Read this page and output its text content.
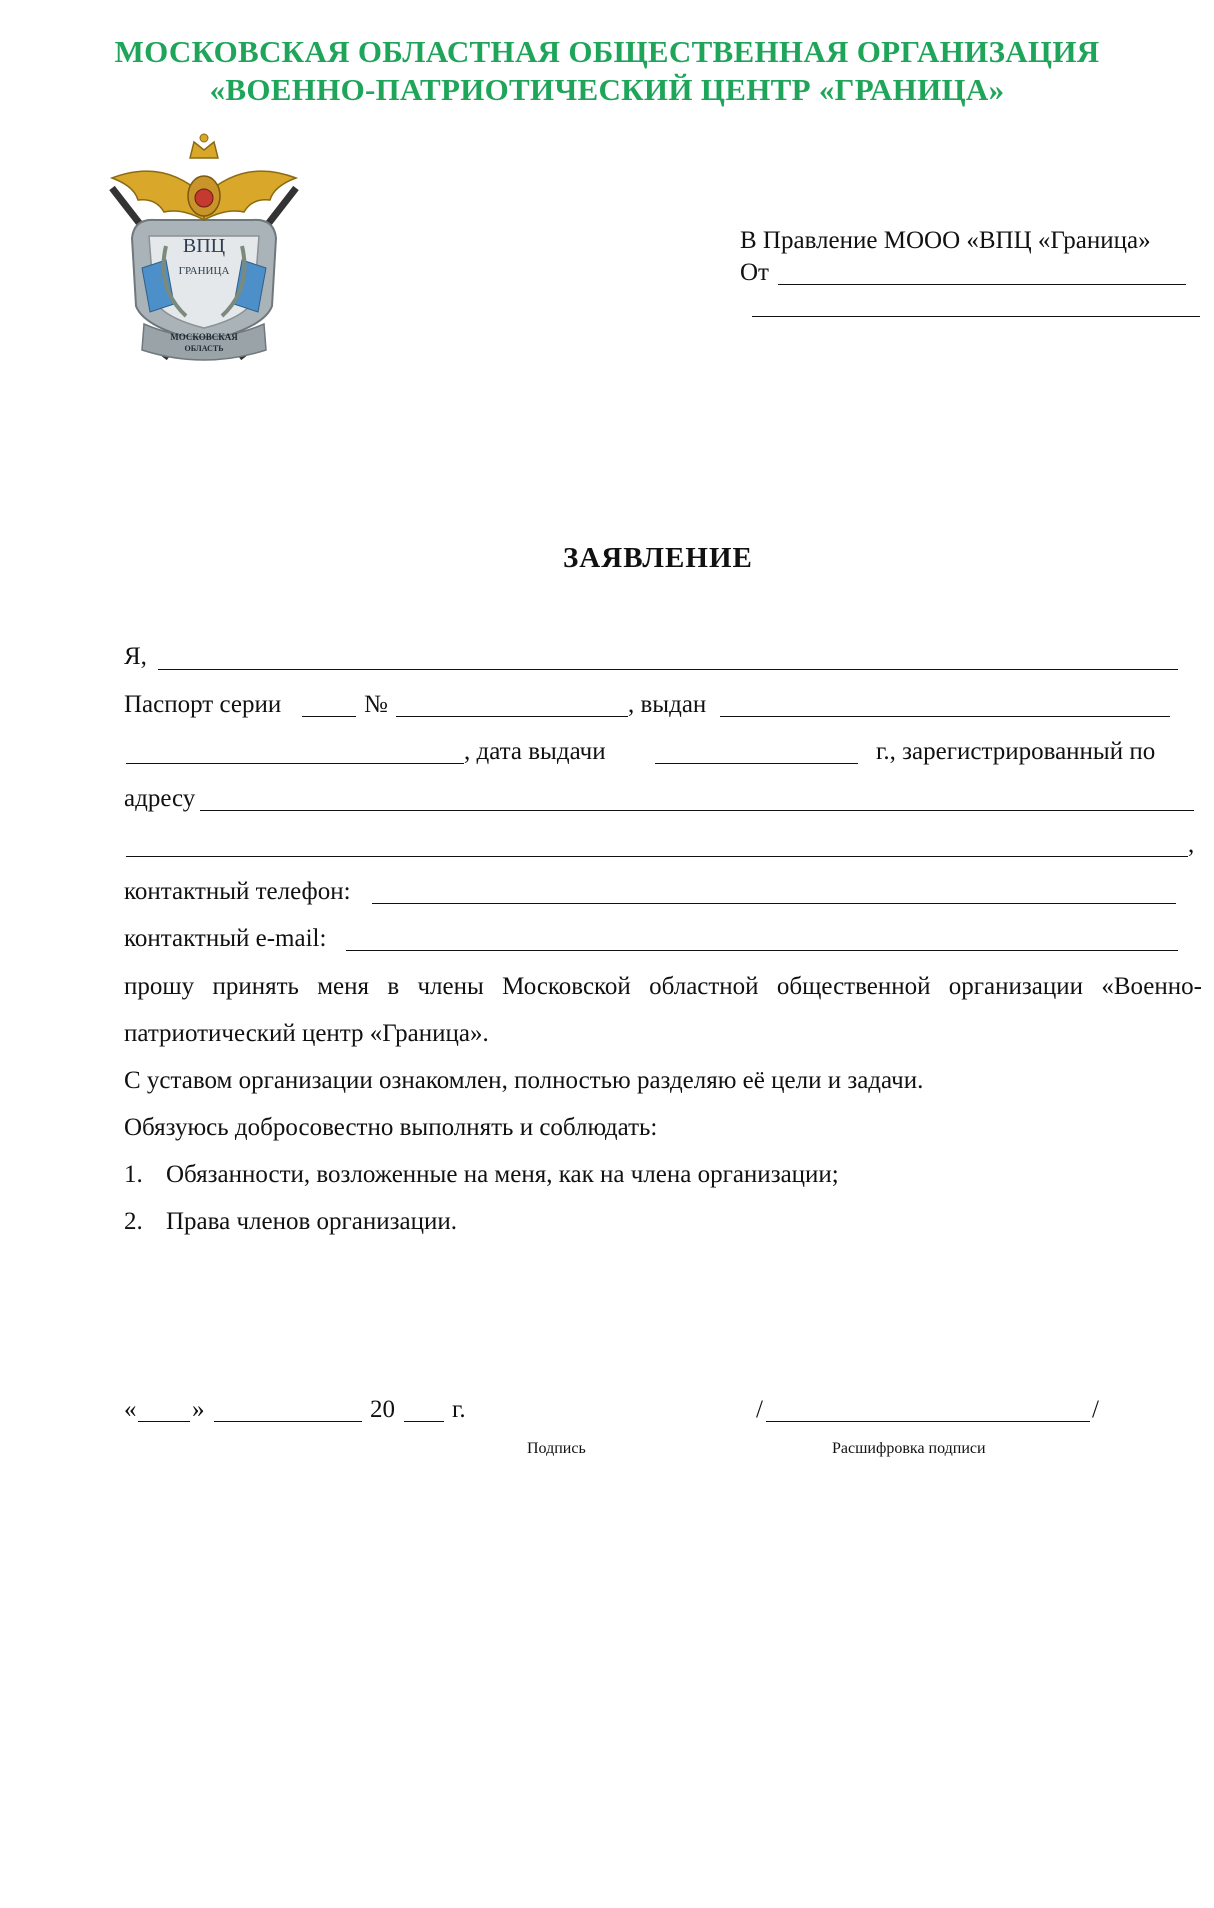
МОСКОВСКАЯ ОБЛАСТНАЯ ОБЩЕСТВЕННАЯ ОРГАНИЗАЦИЯ
«ВОЕННО-ПАТРИОТИЧЕСКИЙ ЦЕНТР «ГРАНИЦА»
ВПЦ
ГРАНИЦА
МОСКОВСКАЯ
ОБЛАСТЬ
В Правление МООО «ВПЦ «Граница»
От
ЗАЯВЛЕНИЕ
Я,
Паспорт серии	№	, выдан
, дата выдачи	г., зарегистрированный по
адресу
,
контактный телефон:
контактный e-mail:
прошу принять меня в члены Московской областной общественной организации «Военно-
патриотический центр «Граница».
С уставом организации ознакомлен, полностью разделяю её цели и задачи.
Обязуюсь добросовестно выполнять и соблюдать:
1. Обязанности, возложенные на меня, как на члена организации;
2. Права членов организации.
« »	20 г.	/	/
Подпись	Расшифровка подписи
